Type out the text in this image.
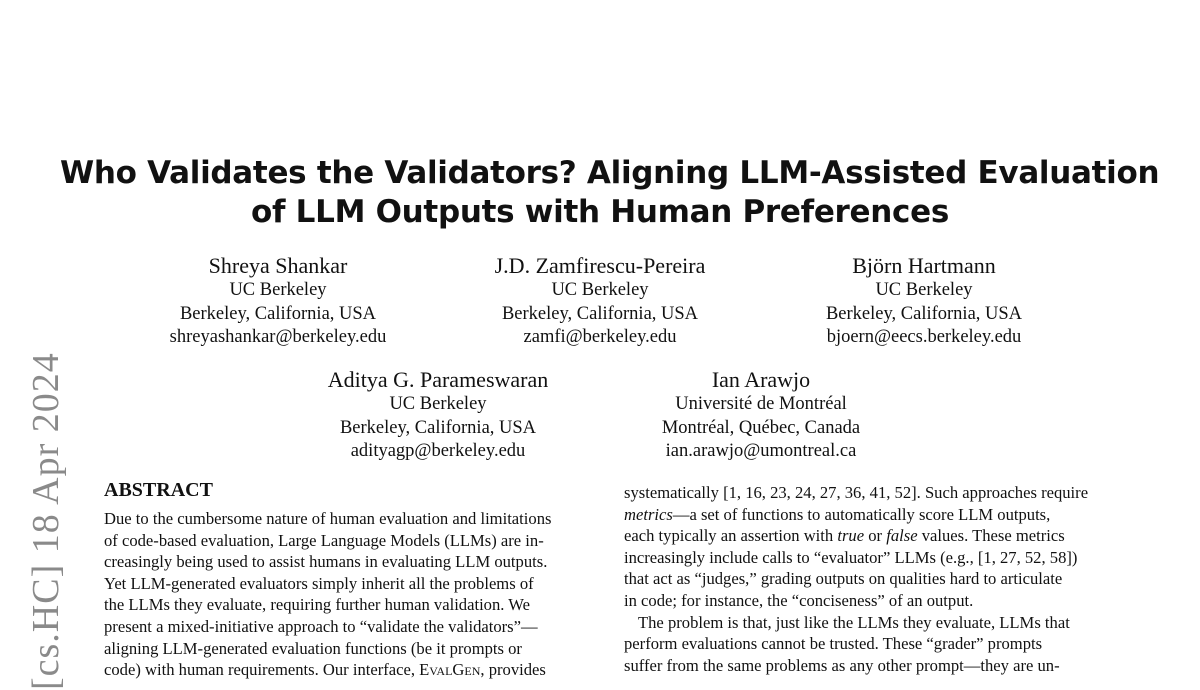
Who Validates the Validators? Aligning LLM-Assisted Evaluation
of LLM Outputs with Human Preferences
Shreya Shankar
UC Berkeley
Berkeley, California, USA
shreyashankar@berkeley.edu
J.D. Zamfirescu-Pereira
UC Berkeley
Berkeley, California, USA
zamfi@berkeley.edu
Björn Hartmann
UC Berkeley
Berkeley, California, USA
bjoern@eecs.berkeley.edu
Aditya G. Parameswaran
UC Berkeley
Berkeley, California, USA
adityagp@berkeley.edu
Ian Arawjo
Université de Montréal
Montréal, Québec, Canada
ian.arawjo@umontreal.ca
[cs.HC] 18 Apr 2024 ABSTRACT
Due to the cumbersome nature of human evaluation and limitations
of code-based evaluation, Large Language Models (LLMs) are in-
creasingly being used to assist humans in evaluating LLM outputs.
Yet LLM-generated evaluators simply inherit all the problems of
the LLMs they evaluate, requiring further human validation. We
present a mixed-initiative approach to “validate the validators”—
aligning LLM-generated evaluation functions (be it prompts or
code) with human requirements. Our interface, EvalGen, provides
systematically [1, 16, 23, 24, 27, 36, 41, 52]. Such approaches require
metrics—a set of functions to automatically score LLM outputs,
each typically an assertion with true or false values. These metrics
increasingly include calls to “evaluator” LLMs (e.g., [1, 27, 52, 58])
that act as “judges,” grading outputs on qualities hard to articulate
in code; for instance, the “conciseness” of an output.
The problem is that, just like the LLMs they evaluate, LLMs that
perform evaluations cannot be trusted. These “grader” prompts
suffer from the same problems as any other prompt—they are un-
